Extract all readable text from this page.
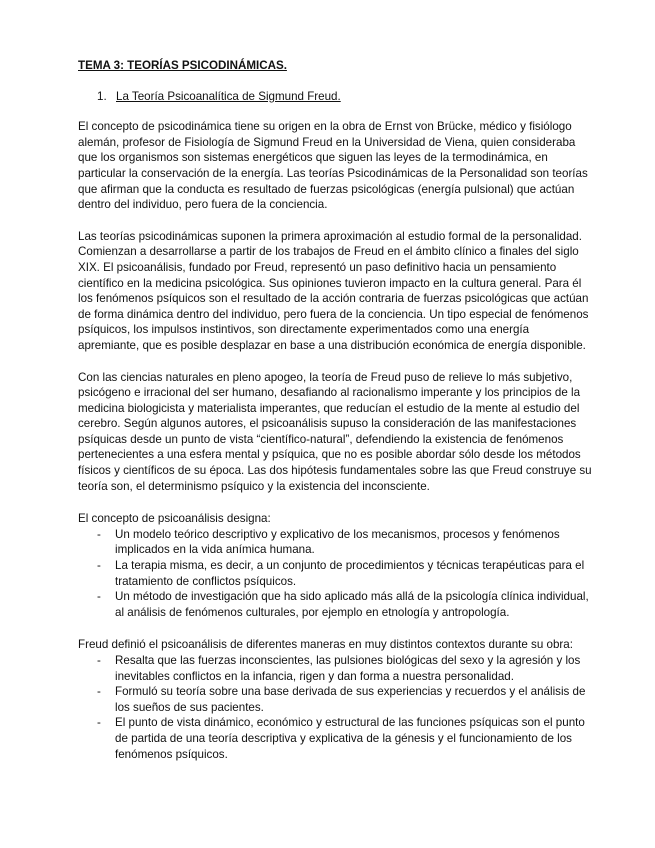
TEMA 3: TEORÍAS PSICODINÁMICAS.

1. La Teoría Psicoanalítica de Sigmund Freud.

El concepto de psicodinámica tiene su origen en la obra de Ernst von Brücke, médico y fisiólogo alemán, profesor de Fisiología de Sigmund Freud en la Universidad de Viena, quien consideraba que los organismos son sistemas energéticos que siguen las leyes de la termodinámica, en particular la conservación de la energía. Las teorías Psicodinámicas de la Personalidad son teorías que afirman que la conducta es resultado de fuerzas psicológicas (energía pulsional) que actúan dentro del individuo, pero fuera de la conciencia.

Las teorías psicodinámicas suponen la primera aproximación al estudio formal de la personalidad. Comienzan a desarrollarse a partir de los trabajos de Freud en el ámbito clínico a finales del siglo XIX. El psicoanálisis, fundado por Freud, representó un paso definitivo hacia un pensamiento científico en la medicina psicológica. Sus opiniones tuvieron impacto en la cultura general. Para él los fenómenos psíquicos son el resultado de la acción contraria de fuerzas psicológicas que actúan de forma dinámica dentro del individuo, pero fuera de la conciencia. Un tipo especial de fenómenos psíquicos, los impulsos instintivos, son directamente experimentados como una energía apremiante, que es posible desplazar en base a una distribución económica de energía disponible.

Con las ciencias naturales en pleno apogeo, la teoría de Freud puso de relieve lo más subjetivo, psicógeno e irracional del ser humano, desafiando al racionalismo imperante y los principios de la medicina biologicista y materialista imperantes, que reducían el estudio de la mente al estudio del cerebro. Según algunos autores, el psicoanálisis supuso la consideración de las manifestaciones psíquicas desde un punto de vista “científico-natural”, defendiendo la existencia de fenómenos pertenecientes a una esfera mental y psíquica, que no es posible abordar sólo desde los métodos físicos y científicos de su época. Las dos hipótesis fundamentales sobre las que Freud construye su teoría son, el determinismo psíquico y la existencia del inconsciente.

El concepto de psicoanálisis designa:

- Un modelo teórico descriptivo y explicativo de los mecanismos, procesos y fenómenos implicados en la vida anímica humana.
- La terapia misma, es decir, a un conjunto de procedimientos y técnicas terapéuticas para el tratamiento de conflictos psíquicos.
- Un método de investigación que ha sido aplicado más allá de la psicología clínica individual, al análisis de fenómenos culturales, por ejemplo en etnología y antropología.

Freud definió el psicoanálisis de diferentes maneras en muy distintos contextos durante su obra:

- Resalta que las fuerzas inconscientes, las pulsiones biológicas del sexo y la agresión y los inevitables conflictos en la infancia, rigen y dan forma a nuestra personalidad.
- Formuló su teoría sobre una base derivada de sus experiencias y recuerdos y el análisis de los sueños de sus pacientes.
- El punto de vista dinámico, económico y estructural de las funciones psíquicas son el punto de partida de una teoría descriptiva y explicativa de la génesis y el funcionamiento de los fenómenos psíquicos.
